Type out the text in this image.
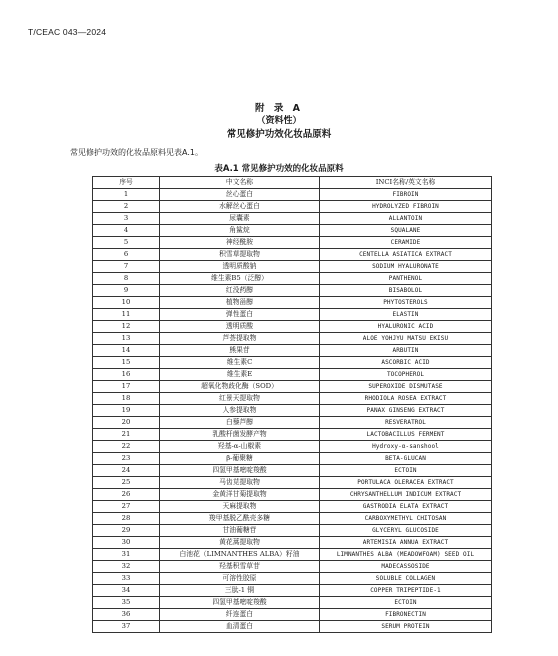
T/CEAC 043—2024
附 录 A
（资料性）
常见修护功效化妆品原料
常见修护功效的化妆品原料见表A.1。
表A.1 常见修护功效的化妆品原料
序号	中文名称	INCI名称/英文名称
1	丝心蛋白	FIBROIN
2	水解丝心蛋白	HYDROLYZED FIBROIN
3	尿囊素	ALLANTOIN
4	角鲨烷	SQUALANE
5	神经酰胺	CERAMIDE
6	积雪草提取物	CENTELLA ASIATICA EXTRACT
7	透明质酸钠	SODIUM HYALURONATE
8	维生素B5（泛醇）	PANTHENOL
9	红没药醇	BISABOLOL
10	植物甾醇	PHYTOSTEROLS
11	弹性蛋白	ELASTIN
12	透明质酸	HYALURONIC ACID
13	芦荟提取物	ALOE YOHJYU MATSU EKISU
14	熊果苷	ARBUTIN
15	维生素C	ASCORBIC ACID
16	维生素E	TOCOPHEROL
17	超氧化物歧化酶（SOD）	SUPEROXIDE DISMUTASE
18	红景天提取物	RHODIOLA ROSEA EXTRACT
19	人参提取物	PANAX GINSENG EXTRACT
20	白藜芦醇	RESVERATROL
21	乳酸杆菌发酵产物	LACTOBACILLUS FERMENT
22	羟基-α-山椒素	Hydroxy-α-sanshool
23	β-葡聚糖	BETA-GLUCAN
24	四氢甲基嘧啶羧酸	ECTOIN
25	马齿苋提取物	PORTULACA OLERACEA EXTRACT
26	金黄洋甘菊提取物	CHRYSANTHELLUM INDICUM EXTRACT
27	天麻提取物	GASTRODIA ELATA EXTRACT
28	羧甲基脱乙酰壳多糖	CARBOXYMETHYL CHITOSAN
29	甘油葡糖苷	GLYCERYL GLUCOSIDE
30	黄花蒿提取物	ARTEMISIA ANNUA EXTRACT
31	白池花（LIMNANTHES ALBA）籽油	LIMNANTHES ALBA (MEADOWFOAM) SEED OIL
32	羟基积雪草苷	MADECASSOSIDE
33	可溶性胶原	SOLUBLE COLLAGEN
34	三肽-1 铜	COPPER TRIPEPTIDE-1
35	四氢甲基嘧啶羧酸	ECTOIN
36	纤连蛋白	FIBRONECTIN
37	血清蛋白	SERUM PROTEIN
